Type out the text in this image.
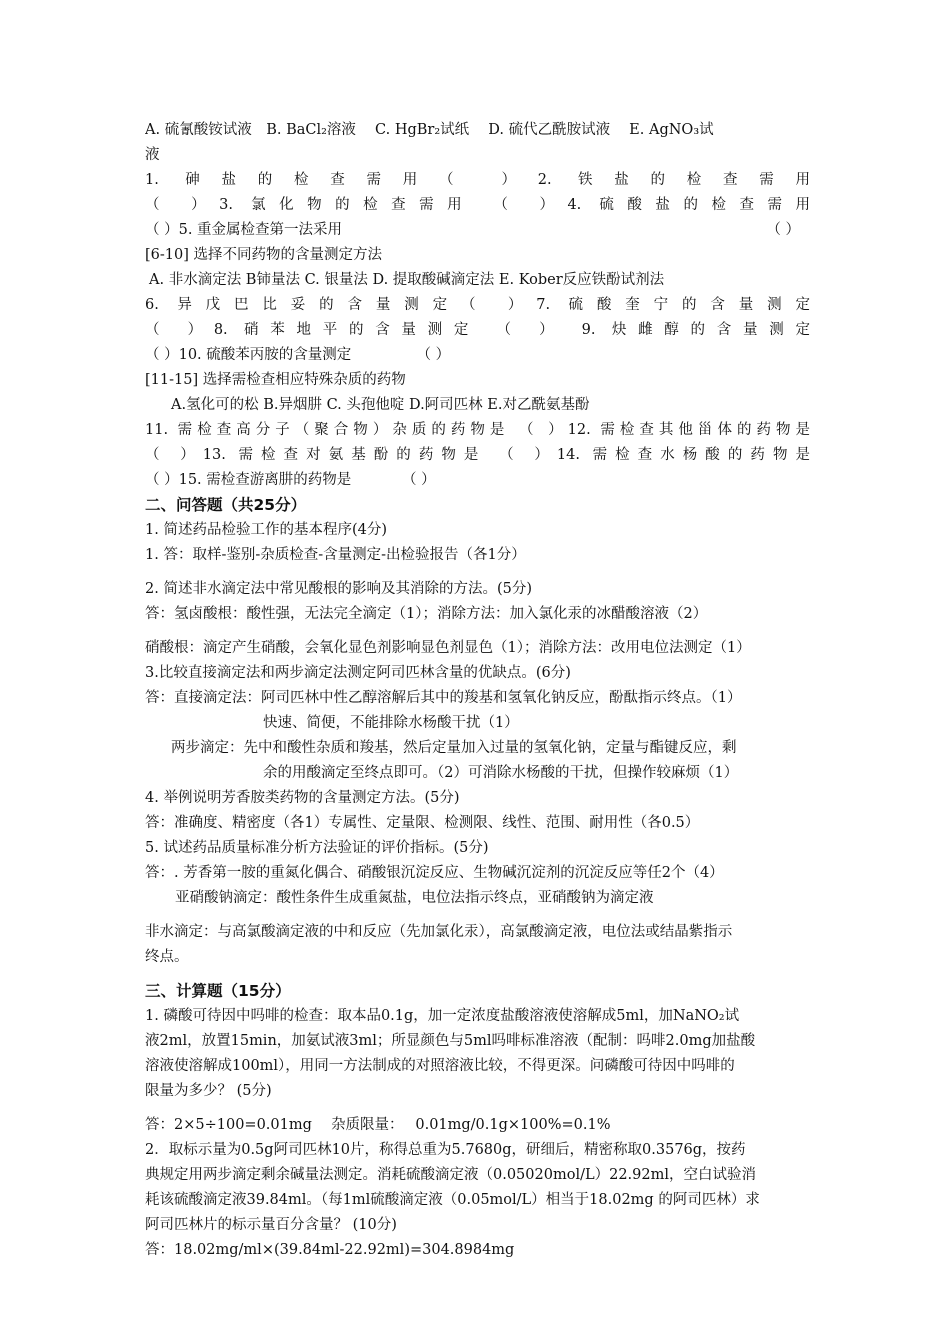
A. 硫氰酸铵试液　B. BaCl₂溶液　 C. HgBr₂试纸　 D. 硫代乙酰胺试液　 E. AgNO₃试
液
1. 砷盐的检查需用（ ）2. 铁盐的检查需用
（ ）3. 氯化物的检查需用 （ ）4. 硫酸盐的检查需用
（ ）5. 重金属检查第一法采用	（ ）
[6-10] 选择不同药物的含量测定方法
A. 非水滴定法 B铈量法 C. 银量法 D. 提取酸碱滴定法 E. Kober反应铁酚试剂法
6. 异戊巴比妥的含量测定（ ）7. 硫酸奎宁的含量测定
（ ）8. 硝苯地平的含量测定 （ ） 9. 炔雌醇的含量测定
（ ）10. 硫酸苯丙胺的含量测定　　　　　（ ）
[11-15] 选择需检查相应特殊杂质的药物
A.氢化可的松 B.异烟肼 C. 头孢他啶 D.阿司匹林 E.对乙酰氨基酚
11. 需检查高分子（聚合物）杂质的药物是 （ ）12. 需检查其他甾体的药物是
（ ）13. 需检查对氨基酚的药物是 （ ）14. 需检查水杨酸的药物是
（ ）15. 需检查游离肼的药物是　　　　（ ）
二、问答题（共25分）
1. 简述药品检验工作的基本程序(4分)
1. 答：取样-鉴别-杂质检查-含量测定-出检验报告（各1分）
2. 简述非水滴定法中常见酸根的影响及其消除的方法。(5分)
答：氢卤酸根：酸性强，无法完全滴定（1）；消除方法：加入氯化汞的冰醋酸溶液（2）
硝酸根：滴定产生硝酸，会氧化显色剂影响显色剂显色（1）；消除方法：改用电位法测定（1）
3.比较直接滴定法和两步滴定法测定阿司匹林含量的优缺点。(6分)
答：直接滴定法：阿司匹林中性乙醇溶解后其中的羧基和氢氧化钠反应，酚酞指示终点。（1）
快速、简便，不能排除水杨酸干扰（1）
两步滴定：先中和酸性杂质和羧基，然后定量加入过量的氢氧化钠，定量与酯键反应，剩
余的用酸滴定至终点即可。（2）可消除水杨酸的干扰，但操作较麻烦（1）
4. 举例说明芳香胺类药物的含量测定方法。(5分)
答：准确度、精密度（各1）专属性、定量限、检测限、线性、范围、耐用性（各0.5）
5. 试述药品质量标准分析方法验证的评价指标。(5分)
答：. 芳香第一胺的重氮化偶合、硝酸银沉淀反应、生物碱沉淀剂的沉淀反应等任2个（4）
亚硝酸钠滴定：酸性条件生成重氮盐，电位法指示终点，亚硝酸钠为滴定液
非水滴定：与高氯酸滴定液的中和反应（先加氯化汞），高氯酸滴定液，电位法或结晶紫指示
终点。
三、计算题（15分）
1. 磷酸可待因中吗啡的检查：取本品0.1g，加一定浓度盐酸溶液使溶解成5ml，加NaNO₂试
液2ml，放置15min，加氨试液3ml；所显颜色与5ml吗啡标准溶液（配制：吗啡2.0mg加盐酸
溶液使溶解成100ml），用同一方法制成的对照溶液比较，不得更深。问磷酸可待因中吗啡的
限量为多少？ (5分)
答：2×5÷100=0.01mg　 杂质限量：　 0.01mg/0.1g×100%=0.1%
2．取标示量为0.5g阿司匹林10片，称得总重为5.7680g，研细后，精密称取0.3576g，按药
典规定用两步滴定剩余碱量法测定。消耗硫酸滴定液（0.05020mol/L）22.92ml，空白试验消
耗该硫酸滴定液39.84ml。（每1ml硫酸滴定液（0.05mol/L）相当于18.02mg 的阿司匹林）求
阿司匹林片的标示量百分含量？ (10分)
答：18.02mg/ml×(39.84ml-22.92ml)=304.8984mg
